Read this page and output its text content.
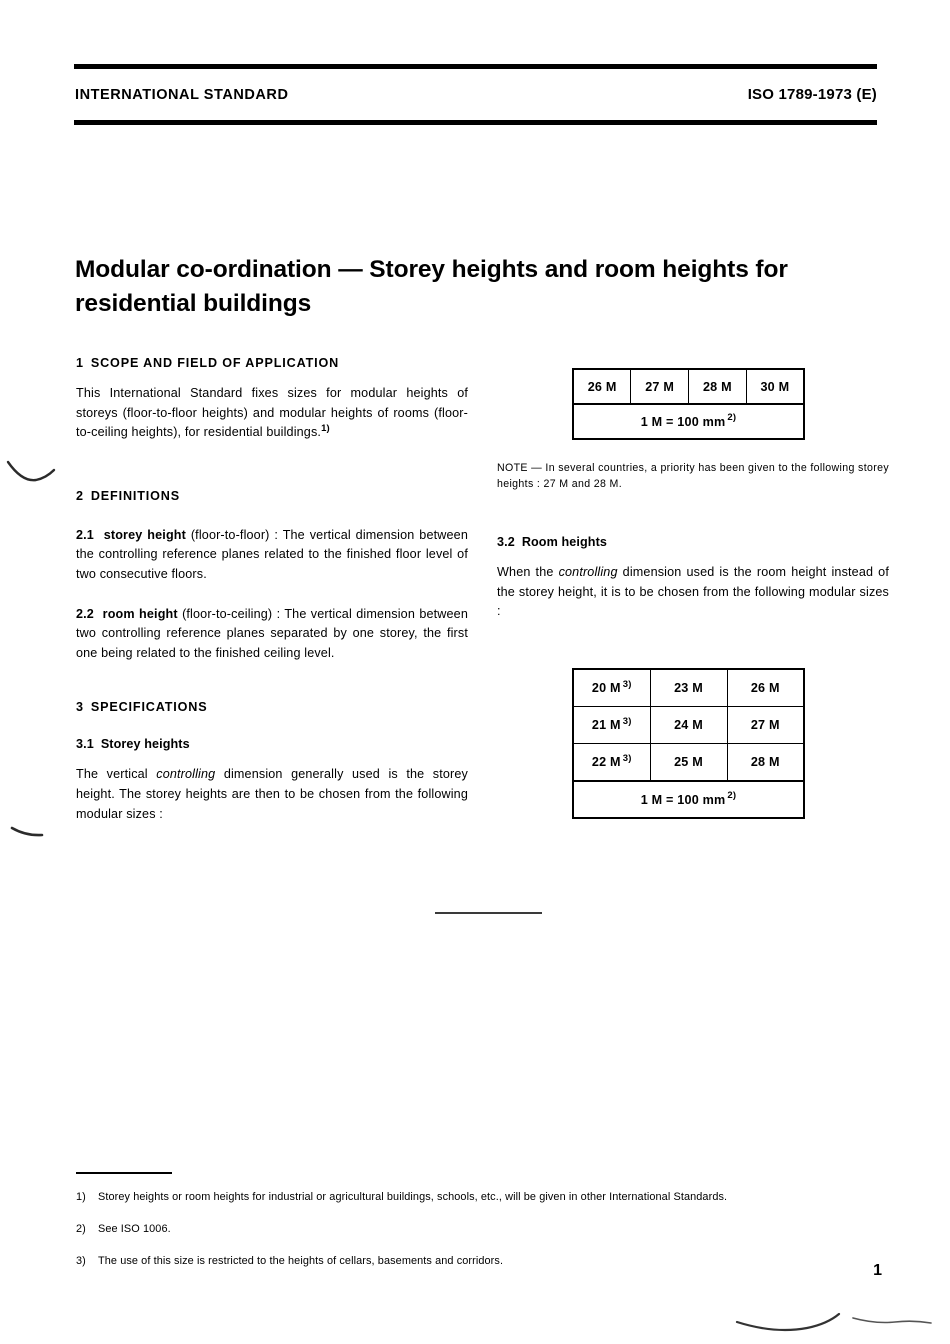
INTERNATIONAL STANDARD	ISO 1789-1973 (E)
Modular co-ordination — Storey heights and room heights for residential buildings
1 SCOPE AND FIELD OF APPLICATION

This International Standard fixes sizes for modular heights of storeys (floor-to-floor heights) and modular heights of rooms (floor-to-ceiling heights), for residential buildings.$^{1)}$

2 DEFINITIONS

2.1 storey height (floor-to-floor) : The vertical dimension between the controlling reference planes related to the finished floor level of two consecutive floors.

2.2 room height (floor-to-ceiling) : The vertical dimension between two controlling reference planes separated by one storey, the first one being related to the finished ceiling level.

3 SPECIFICATIONS
3.1 Storey heights

The vertical controlling dimension generally used is the storey height. The storey heights are then to be chosen from the following modular sizes :

NOTE — In several countries, a priority has been given to the following storey heights : 27 M and 28 M.

3.2 Room heights

When the controlling dimension used is the room height instead of the storey height, it is to be chosen from the following modular sizes :

26 M	27 M	28 M	30 M
1 M = 100 mm $^{2)}$
20 M $^{3)}$	23 M	26 M
21 M $^{3)}$	24 M	27 M
22 M $^{3)}$	25 M	28 M
1 M = 100 mm $^{2)}$
1) Storey heights or room heights for industrial or agricultural buildings, schools, etc., will be given in other International Standards.
2) See ISO 1006.
3) The use of this size is restricted to the heights of cellars, basements and corridors.
1
